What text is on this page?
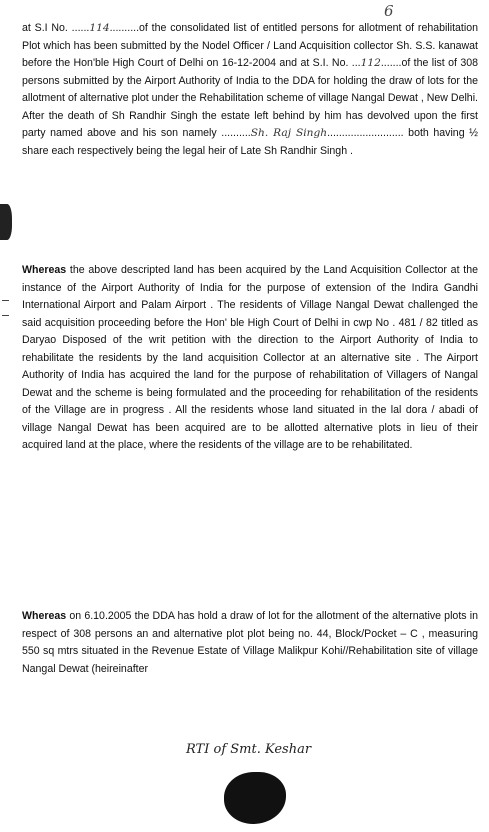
6

at S.I No. ......114..........of the consolidated list of entitled persons for allotment of rehabilitation Plot which has been submitted by the Nodel Officer / Land Acquisition collector Sh. S.S. kanawat before the Hon'ble High Court of Delhi on 16-12-2004 and at S.I. No. ...112.......of the list of 308 persons submitted by the Airport Authority of India to the DDA for holding the draw of lots for the allotment of alternative plot under the Rehabilitation scheme of village Nangal Dewat , New Delhi. After the death of Sh Randhir Singh the estate left behind by him has devolved upon the first party named above and his son namely ..........Sh. Raj Singh.......................... both having ½ share each respectively being the legal heir of Late Sh Randhir Singh .

Whereas the above descripted land has been acquired by the Land Acquisition Collector at the instance of the Airport Authority of India for the purpose of extension of the Indira Gandhi International Airport and Palam Airport . The residents of Village Nangal Dewat challenged the said acquisition proceeding before the Hon' ble High Court of Delhi in cwp No . 481 / 82 titled as Daryao Disposed of the writ petition with the direction to the Airport Authority of India to rehabilitate the residents by the land acquisition Collector at an alternative site . The Airport Authority of India has acquired the land for the purpose of rehabilitation of Villagers of Nangal Dewat and the scheme is being formulated and the proceeding for rehabilitation of the residents of the Village are in progress . All the residents whose land situated in the lal dora / abadi of village Nangal Dewat has been acquired are to be allotted alternative plots in lieu of their acquired land at the place, where the residents of the village are to be rehabilitated.

Whereas on 6.10.2005 the DDA has hold a draw of lot for the allotment of the alternative plots in respect of 308 persons an and alternative plot plot being no. 44, Block/Pocket – C , measuring 550 sq mtrs situated in the Revenue Estate of Village Malikpur Kohi//Rehabilitation site of village Nangal Dewat (heireinafter

RTI of Smt. Keshar
